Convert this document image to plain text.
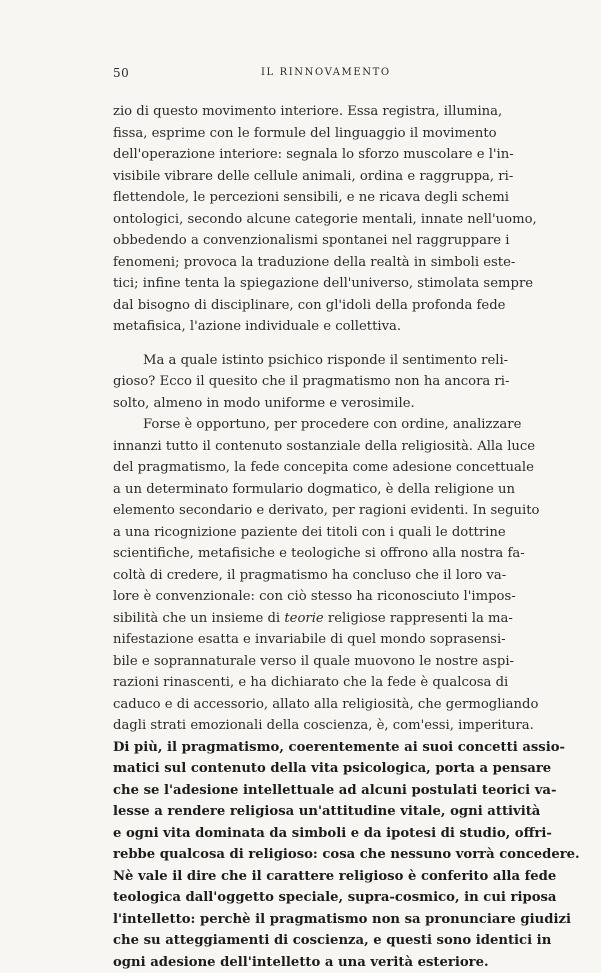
50	IL RINNOVAMENTO
zio di questo movimento interiore. Essa registra, illumina,
fissa, esprime con le formule del linguaggio il movimento
dell'operazione interiore: segnala lo sforzo muscolare e l'in-
visibile vibrare delle cellule animali, ordina e raggruppa, ri-
flettendole, le percezioni sensibili, e ne ricava degli schemi
ontologici, secondo alcune categorie mentali, innate nell'uomo,
obbedendo a convenzionalismi spontanei nel raggruppare i
fenomeni; provoca la traduzione della realtà in simboli este-
tici; infine tenta la spiegazione dell'universo, stimolata sempre
dal bisogno di disciplinare, con gl'idoli della profonda fede
metafisica, l'azione individuale e collettiva.
Ma a quale istinto psichico risponde il sentimento reli-
gioso? Ecco il quesito che il pragmatismo non ha ancora ri-
solto, almeno in modo uniforme e verosimile.
Forse è opportuno, per procedere con ordine, analizzare
innanzi tutto il contenuto sostanziale della religiosità. Alla luce
del pragmatismo, la fede concepita come adesione concettuale
a un determinato formulario dogmatico, è della religione un
elemento secondario e derivato, per ragioni evidenti. In seguito
a una ricognizione paziente dei titoli con i quali le dottrine
scientifiche, metafisiche e teologiche si offrono alla nostra fa-
coltà di credere, il pragmatismo ha concluso che il loro va-
lore è convenzionale: con ciò stesso ha riconosciuto l'impos-
sibilità che un insieme di teorie religiose rappresenti la ma-
nifestazione esatta e invariabile di quel mondo soprasensi-
bile e soprannaturale verso il quale muovono le nostre aspi-
razioni rinascenti, e ha dichiarato che la fede è qualcosa di
caduco e di accessorio, allato alla religiosità, che germogliando
dagli strati emozionali della coscienza, è, com'essi, imperitura.
Di più, il pragmatismo, coerentemente ai suoi concetti assio-
matici sul contenuto della vita psicologica, porta a pensare
che se l'adesione intellettuale ad alcuni postulati teorici va-
lesse a rendere religiosa un'attitudine vitale, ogni attività
e ogni vita dominata da simboli e da ipotesi di studio, offri-
rebbe qualcosa di religioso: cosa che nessuno vorrà concedere.
Nè vale il dire che il carattere religioso è conferito alla fede
teologica dall'oggetto speciale, supra-cosmico, in cui riposa
l'intelletto: perchè il pragmatismo non sa pronunciare giudizi
che su atteggiamenti di coscienza, e questi sono identici in
ogni adesione dell'intelletto a una verità esteriore.
